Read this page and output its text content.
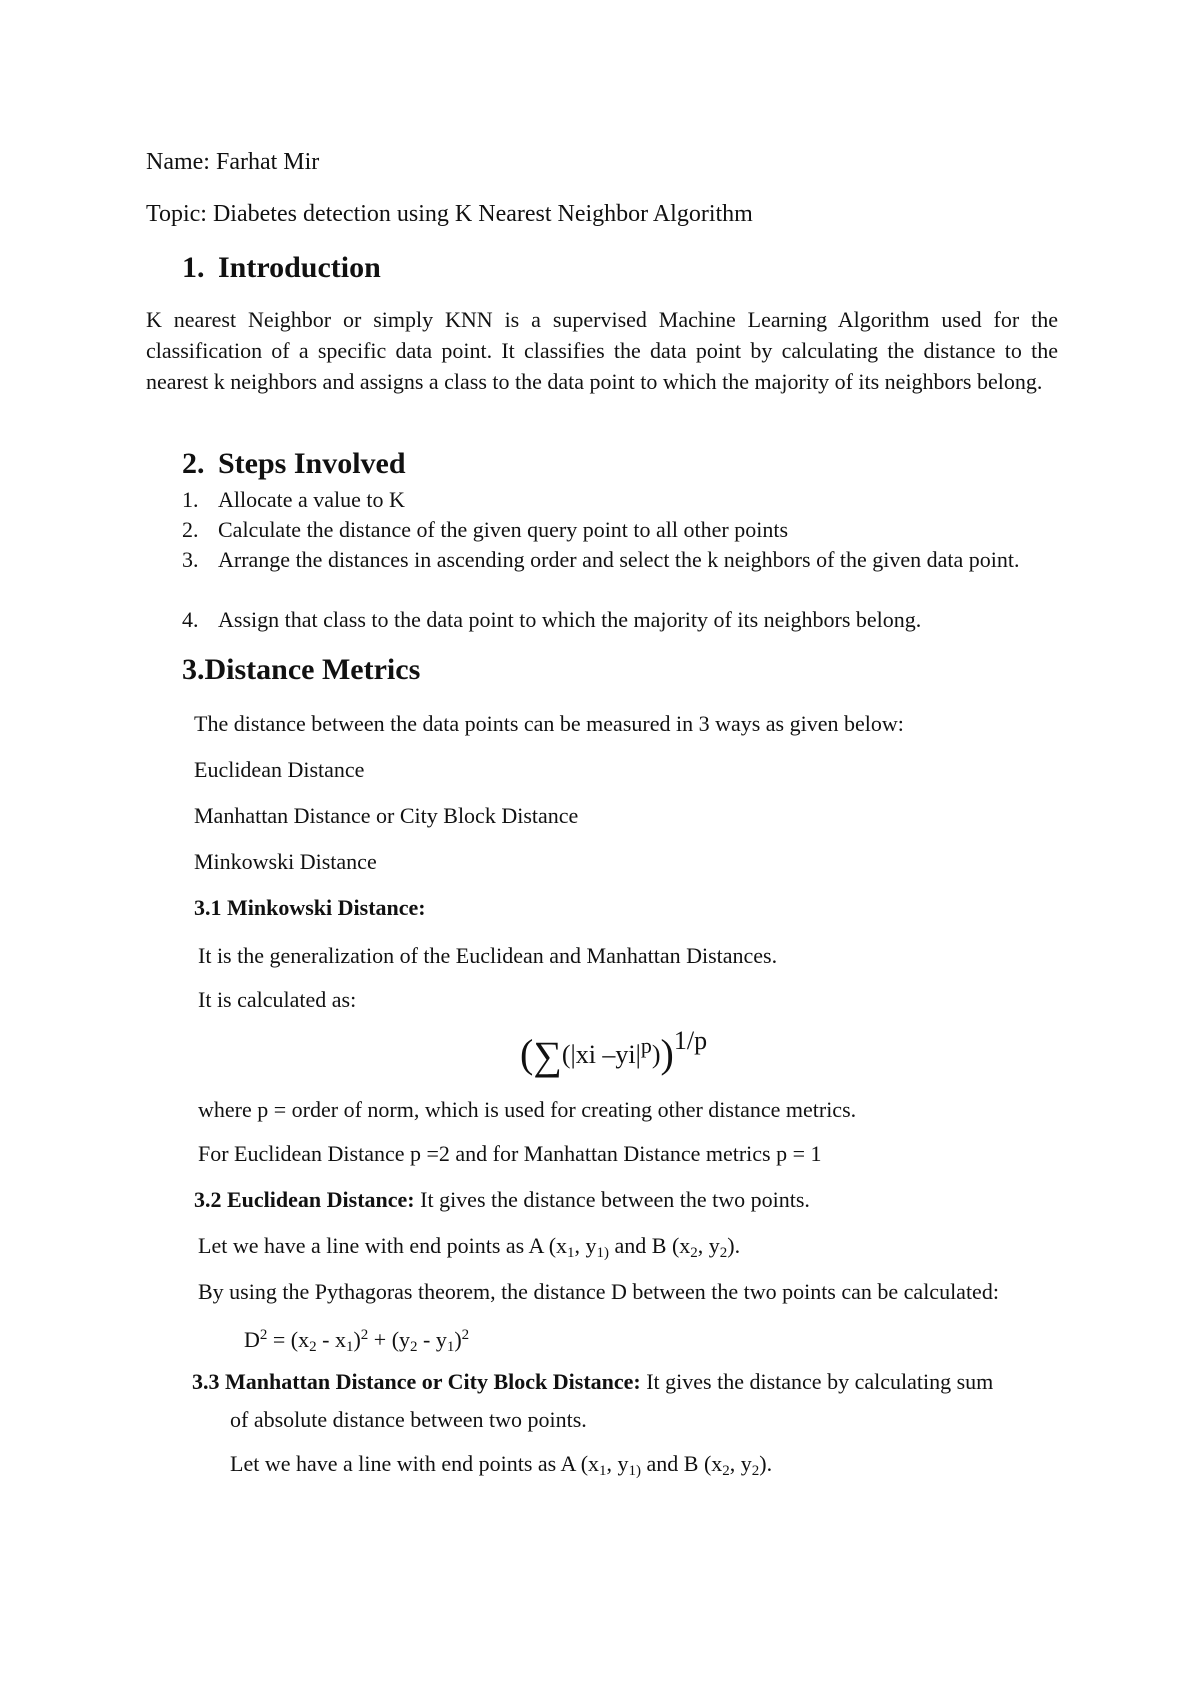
Name: Farhat Mir
Topic: Diabetes detection using K Nearest Neighbor Algorithm
1. Introduction
K nearest Neighbor or simply KNN is a supervised Machine Learning Algorithm used for the classification of a specific data point. It classifies the data point by calculating the distance to the nearest k neighbors and assigns a class to the data point to which the majority of its neighbors belong.
2. Steps Involved
1. Allocate a value to K
2. Calculate the distance of the given query point to all other points
3. Arrange the distances in ascending order and select the k neighbors of the given data point.
4. Assign that class to the data point to which the majority of its neighbors belong.
3.Distance Metrics
The distance between the data points can be measured in 3 ways as given below:
Euclidean Distance
Manhattan Distance or City Block Distance
Minkowski Distance
3.1 Minkowski Distance:
It is the generalization of the Euclidean and Manhattan Distances.
It is calculated as:
(∑(|xi $-yi|^p))1/p$
where p = order of norm, which is used for creating other distance metrics.
For Euclidean Distance p =2 and for Manhattan Distance metrics p = 1
3.2 Euclidean Distance: It gives the distance between the two points.
Let we have a line with end points as A ($x_1$, $y_{1)}$ and B ($x_2$, $y_2$).
By using the Pythagoras theorem, the distance D between the two points can be calculated:
$D^2 = (x_2 - x_1)^2 + (y_2 - y_1)^2$
3.3 Manhattan Distance or City Block Distance: It gives the distance by calculating sum
of absolute distance between two points.
Let we have a line with end points as A ($x_1$, $y_{1)}$ and B ($x_2$, $y_2$).
